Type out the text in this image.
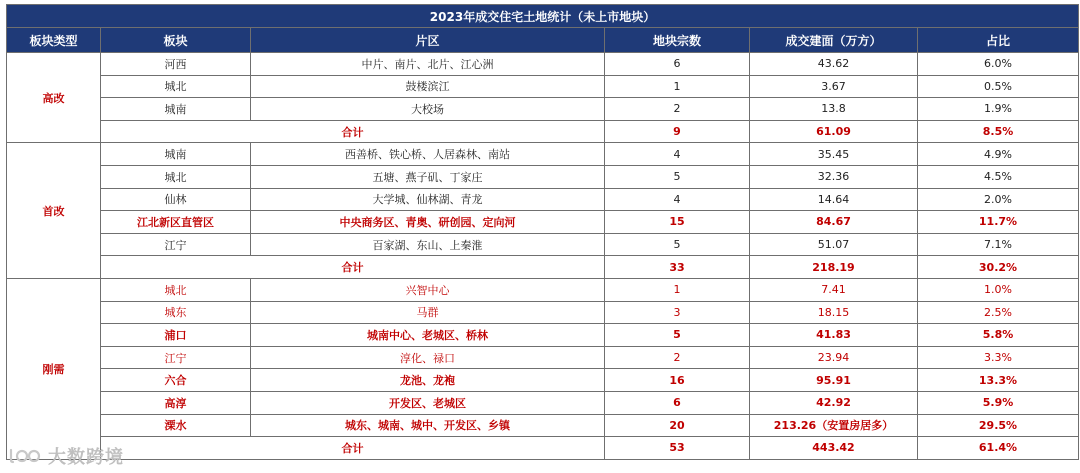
2023年成交住宅土地统计（未上市地块）					
板块类型	板块	片区	地块宗数	成交建面（万方）	占比
高改	河西	中片、南片、北片、江心洲	6	43.62	6.0%
	城北	鼓楼滨江	1	3.67	0.5%
	城南	大校场	2	13.8	1.9%
	合计		9	61.09	8.5%
首改	城南	西善桥、铁心桥、人居森林、南站	4	35.45	4.9%
	城北	五塘、燕子矶、丁家庄	5	32.36	4.5%
	仙林	大学城、仙林湖、青龙	4	14.64	2.0%
	江北新区直管区	中央商务区、青奥、研创园、定向河	15	84.67	11.7%
	江宁	百家湖、东山、上秦淮	5	51.07	7.1%
	合计		33	218.19	30.2%
刚需	城北	兴智中心	1	7.41	1.0%
	城东	马群	3	18.15	2.5%
	浦口	城南中心、老城区、桥林	5	41.83	5.8%
	江宁	淳化、禄口	2	23.94	3.3%
	六合	龙池、龙袍	16	95.91	13.3%
	高淳	开发区、老城区	6	42.92	5.9%
	溧水	城东、城南、城中、开发区、乡镇	20	213.26（安置房居多）	29.5%
	合计		53	443.42	61.4%
大数跨境
